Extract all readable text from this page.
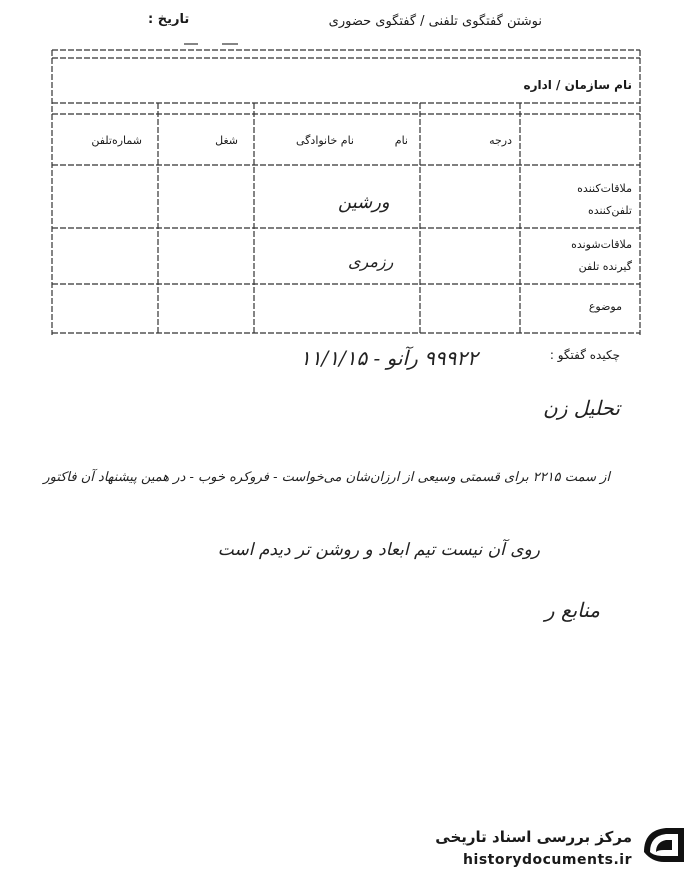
نوشتن گفتگوی تلفنی / گفتگوی حضوری
تاریخ :
نام سازمان / اداره
درجه
نام
نام خانوادگی
شغل
شماره‌تلفن
ملاقات‌کننده
تلفن‌کننده
ورشین
ملاقات‌شونده
گیرنده تلفن
رزمری
موضوع
چکیده گفتگو :
۹۹۹۲۲ رآنو - ۱۱/۱/۱۵
تحلیل زن
از سمت ۲۲۱۵ برای قسمتی وسیعی از ارزان‌شان می‌خواست - فروکره خوب - در همین پیشنهاد آن فاکتور
روی آن نیست تیم ابعاد و روشن تر دیدم است
منابع ر
مرکز بررسی اسناد تاریخی
historydocuments.ir
